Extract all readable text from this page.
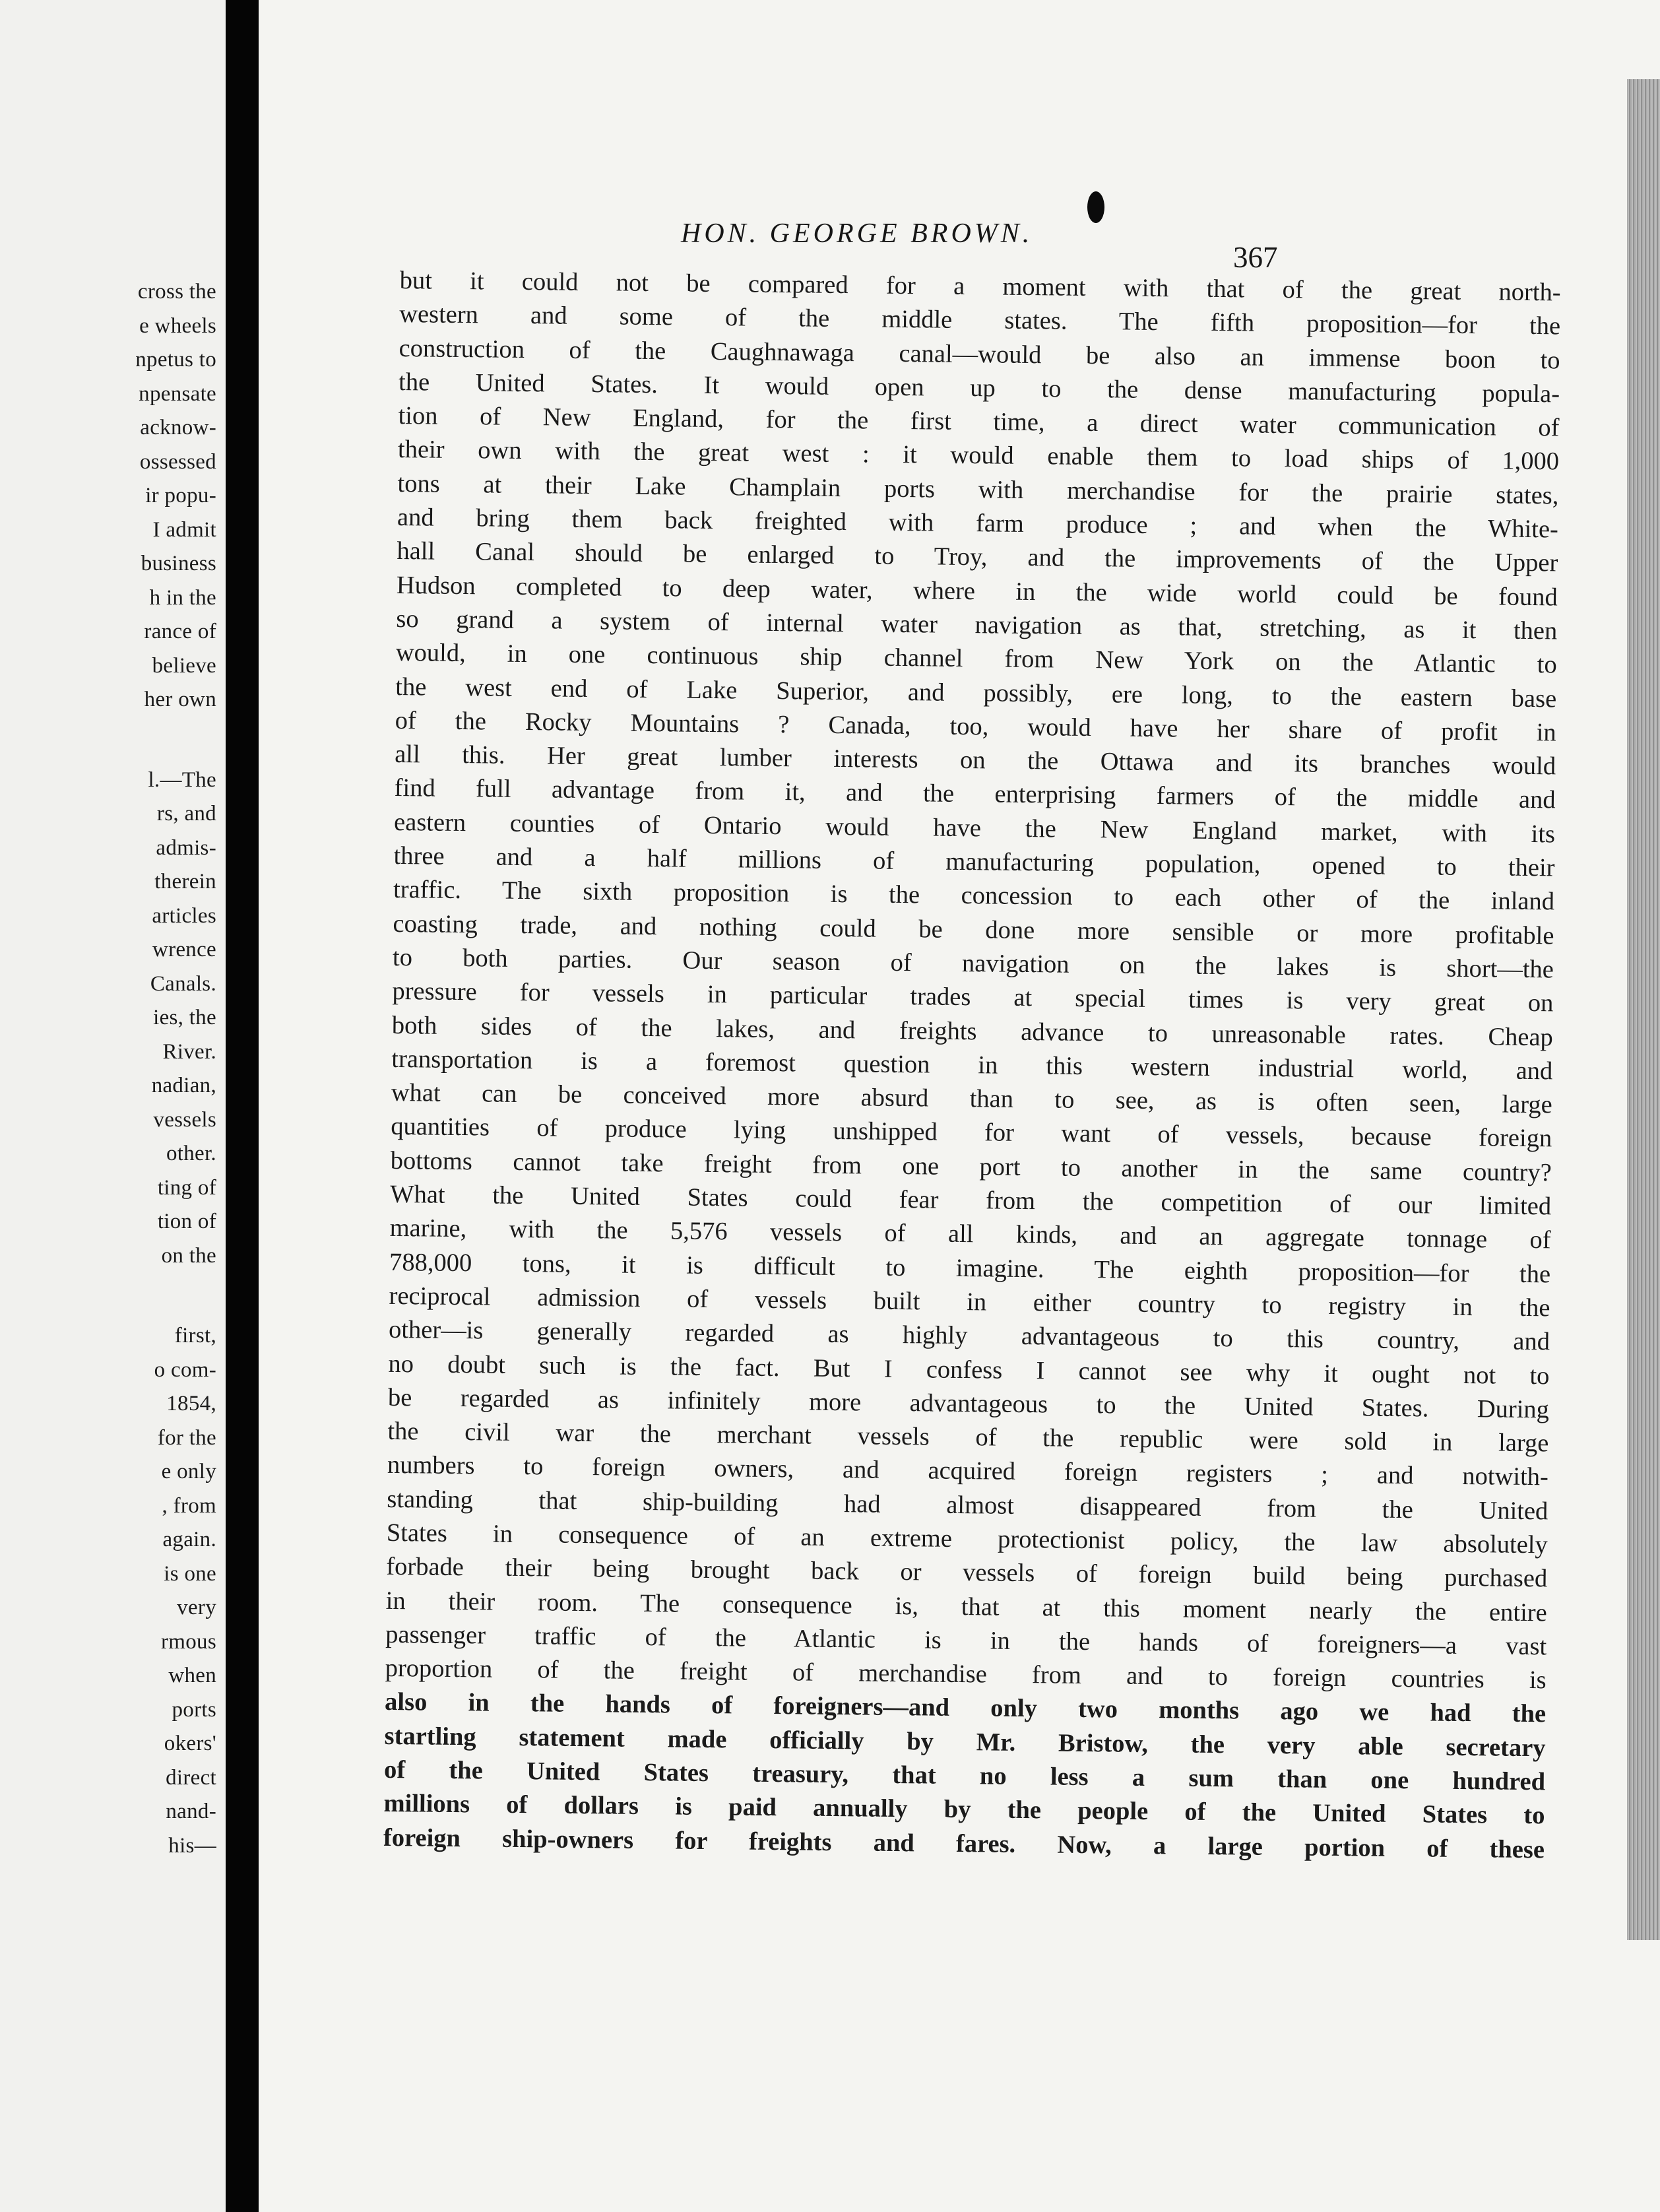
cross the
e wheels
npetus to
npensate
acknow-
ossessed
ir popu-
I admit
business
h in the
rance of
believe
her own
l.—The
rs, and
admis-
therein
articles
wrence
Canals.
ies, the
River.
nadian,
vessels
other.
ting of
tion of
on the
first,
o com-
1854,
for the
e only
, from
again.
is one
very
rmous
when
ports
okers'
direct
nand-
his—
HON. GEORGE BROWN.
367
but it could not be compared for a moment with that of the great north-
western and some of the middle states. The fifth proposition—for the
construction of the Caughnawaga canal—would be also an immense boon to
the United States. It would open up to the dense manufacturing popula-
tion of New England, for the first time, a direct water communication of
their own with the great west : it would enable them to load ships of 1,000
tons at their Lake Champlain ports with merchandise for the prairie states,
and bring them back freighted with farm produce ; and when the White-
hall Canal should be enlarged to Troy, and the improvements of the Upper
Hudson completed to deep water, where in the wide world could be found
so grand a system of internal water navigation as that, stretching, as it then
would, in one continuous ship channel from New York on the Atlantic to
the west end of Lake Superior, and possibly, ere long, to the eastern base
of the Rocky Mountains ? Canada, too, would have her share of profit in
all this. Her great lumber interests on the Ottawa and its branches would
find full advantage from it, and the enterprising farmers of the middle and
eastern counties of Ontario would have the New England market, with its
three and a half millions of manufacturing population, opened to their
traffic. The sixth proposition is the concession to each other of the inland
coasting trade, and nothing could be done more sensible or more profitable
to both parties. Our season of navigation on the lakes is short—the
pressure for vessels in particular trades at special times is very great on
both sides of the lakes, and freights advance to unreasonable rates. Cheap
transportation is a foremost question in this western industrial world, and
what can be conceived more absurd than to see, as is often seen, large
quantities of produce lying unshipped for want of vessels, because foreign
bottoms cannot take freight from one port to another in the same country?
What the United States could fear from the competition of our limited
marine, with the 5,576 vessels of all kinds, and an aggregate tonnage of
788,000 tons, it is difficult to imagine. The eighth proposition—for the
reciprocal admission of vessels built in either country to registry in the
other—is generally regarded as highly advantageous to this country, and
no doubt such is the fact. But I confess I cannot see why it ought not to
be regarded as infinitely more advantageous to the United States. During
the civil war the merchant vessels of the republic were sold in large
numbers to foreign owners, and acquired foreign registers ; and notwith-
standing that ship-building had almost disappeared from the United
States in consequence of an extreme protectionist policy, the law absolutely
forbade their being brought back or vessels of foreign build being purchased
in their room. The consequence is, that at this moment nearly the entire
passenger traffic of the Atlantic is in the hands of foreigners—a vast
proportion of the freight of merchandise from and to foreign countries is
also in the hands of foreigners—and only two months ago we had the
startling statement made officially by Mr. Bristow, the very able secretary
of the United States treasury, that no less a sum than one hundred
millions of dollars is paid annually by the people of the United States to
foreign ship-owners for freights and fares. Now, a large portion of these
